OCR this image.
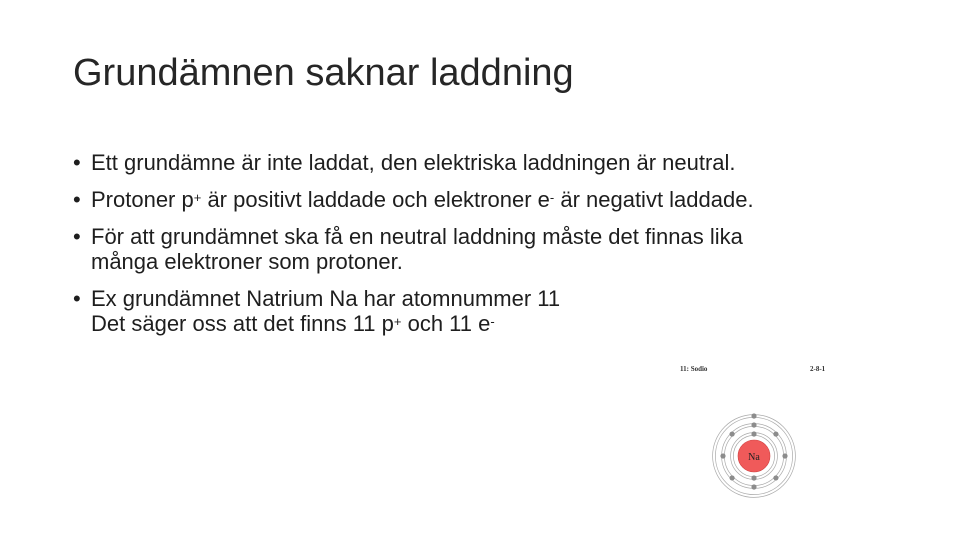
Grundämnen saknar laddning
• Ett grundämne är inte laddat, den elektriska laddningen är neutral.
• Protoner p+ är positivt laddade och elektroner e- är negativt laddade.
• För att grundämnet ska få en neutral laddning måste det finnas lika
många elektroner som protoner.
• Ex grundämnet Natrium Na har atomnummer 11
Det säger oss att det finns 11 p+ och 11 e-
11: Sodio	2-8-1
Na
